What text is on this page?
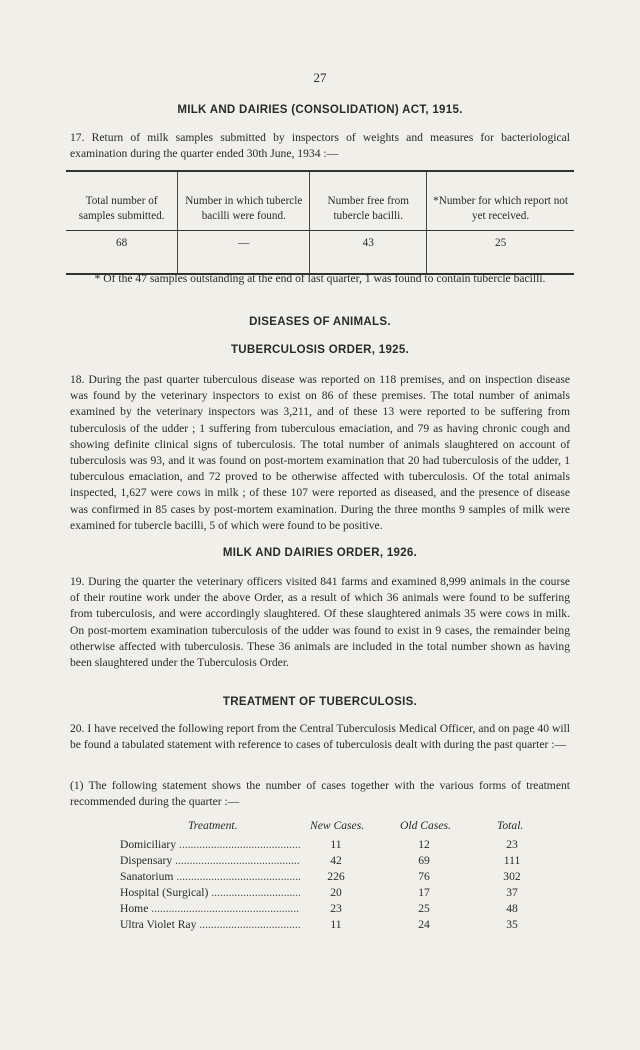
27
MILK AND DAIRIES (CONSOLIDATION) ACT, 1915.
17. Return of milk samples submitted by inspectors of weights and measures for bacteriological examination during the quarter ended 30th June, 1934 :—
Total number of samples submitted.	Number in which tubercle bacilli were found.	Number free from tubercle bacilli.	*Number for which report not yet received.
68	—	43	25
* Of the 47 samples outstanding at the end of last quarter, 1 was found to contain tubercle bacilli.
DISEASES OF ANIMALS.
TUBERCULOSIS ORDER, 1925.
18. During the past quarter tuberculous disease was reported on 118 premises, and on inspection disease was found by the veterinary inspectors to exist on 86 of these premises. The total number of animals examined by the veterinary inspectors was 3,211, and of these 13 were reported to be suffering from tuberculosis of the udder ; 1 suffering from tuberculous emaciation, and 79 as having chronic cough and showing definite clinical signs of tuberculosis. The total number of animals slaughtered on account of tuberculosis was 93, and it was found on post-mortem examination that 20 had tuberculosis of the udder, 1 tuberculous emaciation, and 72 proved to be otherwise affected with tuberculosis. Of the total animals inspected, 1,627 were cows in milk ; of these 107 were reported as diseased, and the presence of disease was confirmed in 85 cases by post-mortem examination. During the three months 9 samples of milk were examined for tubercle bacilli, 5 of which were found to be positive.
MILK AND DAIRIES ORDER, 1926.
19. During the quarter the veterinary officers visited 841 farms and examined 8,999 animals in the course of their routine work under the above Order, as a result of which 36 animals were found to be suffering from tuberculosis, and were accordingly slaughtered. Of these slaughtered animals 35 were cows in milk. On post-mortem examination tuberculosis of the udder was found to exist in 9 cases, the remainder being otherwise affected with tuberculosis. These 36 animals are included in the total number shown as having been slaughtered under the Tuberculosis Order.
TREATMENT OF TUBERCULOSIS.
20. I have received the following report from the Central Tuberculosis Medical Officer, and on page 40 will be found a tabulated statement with reference to cases of tuberculosis dealt with during the past quarter :—
(1) The following statement shows the number of cases together with the various forms of treatment recommended during the quarter :—
Treatment.	New Cases.	Old Cases.	Total.
Domiciliary .....	11	12	23
Dispensary .....	42	69	111
Sanatorium .....	226	76	302
Hospital (Surgical) .....	20	17	37
Home .....	23	25	48
Ultra Violet Ray .....	11	24	35
